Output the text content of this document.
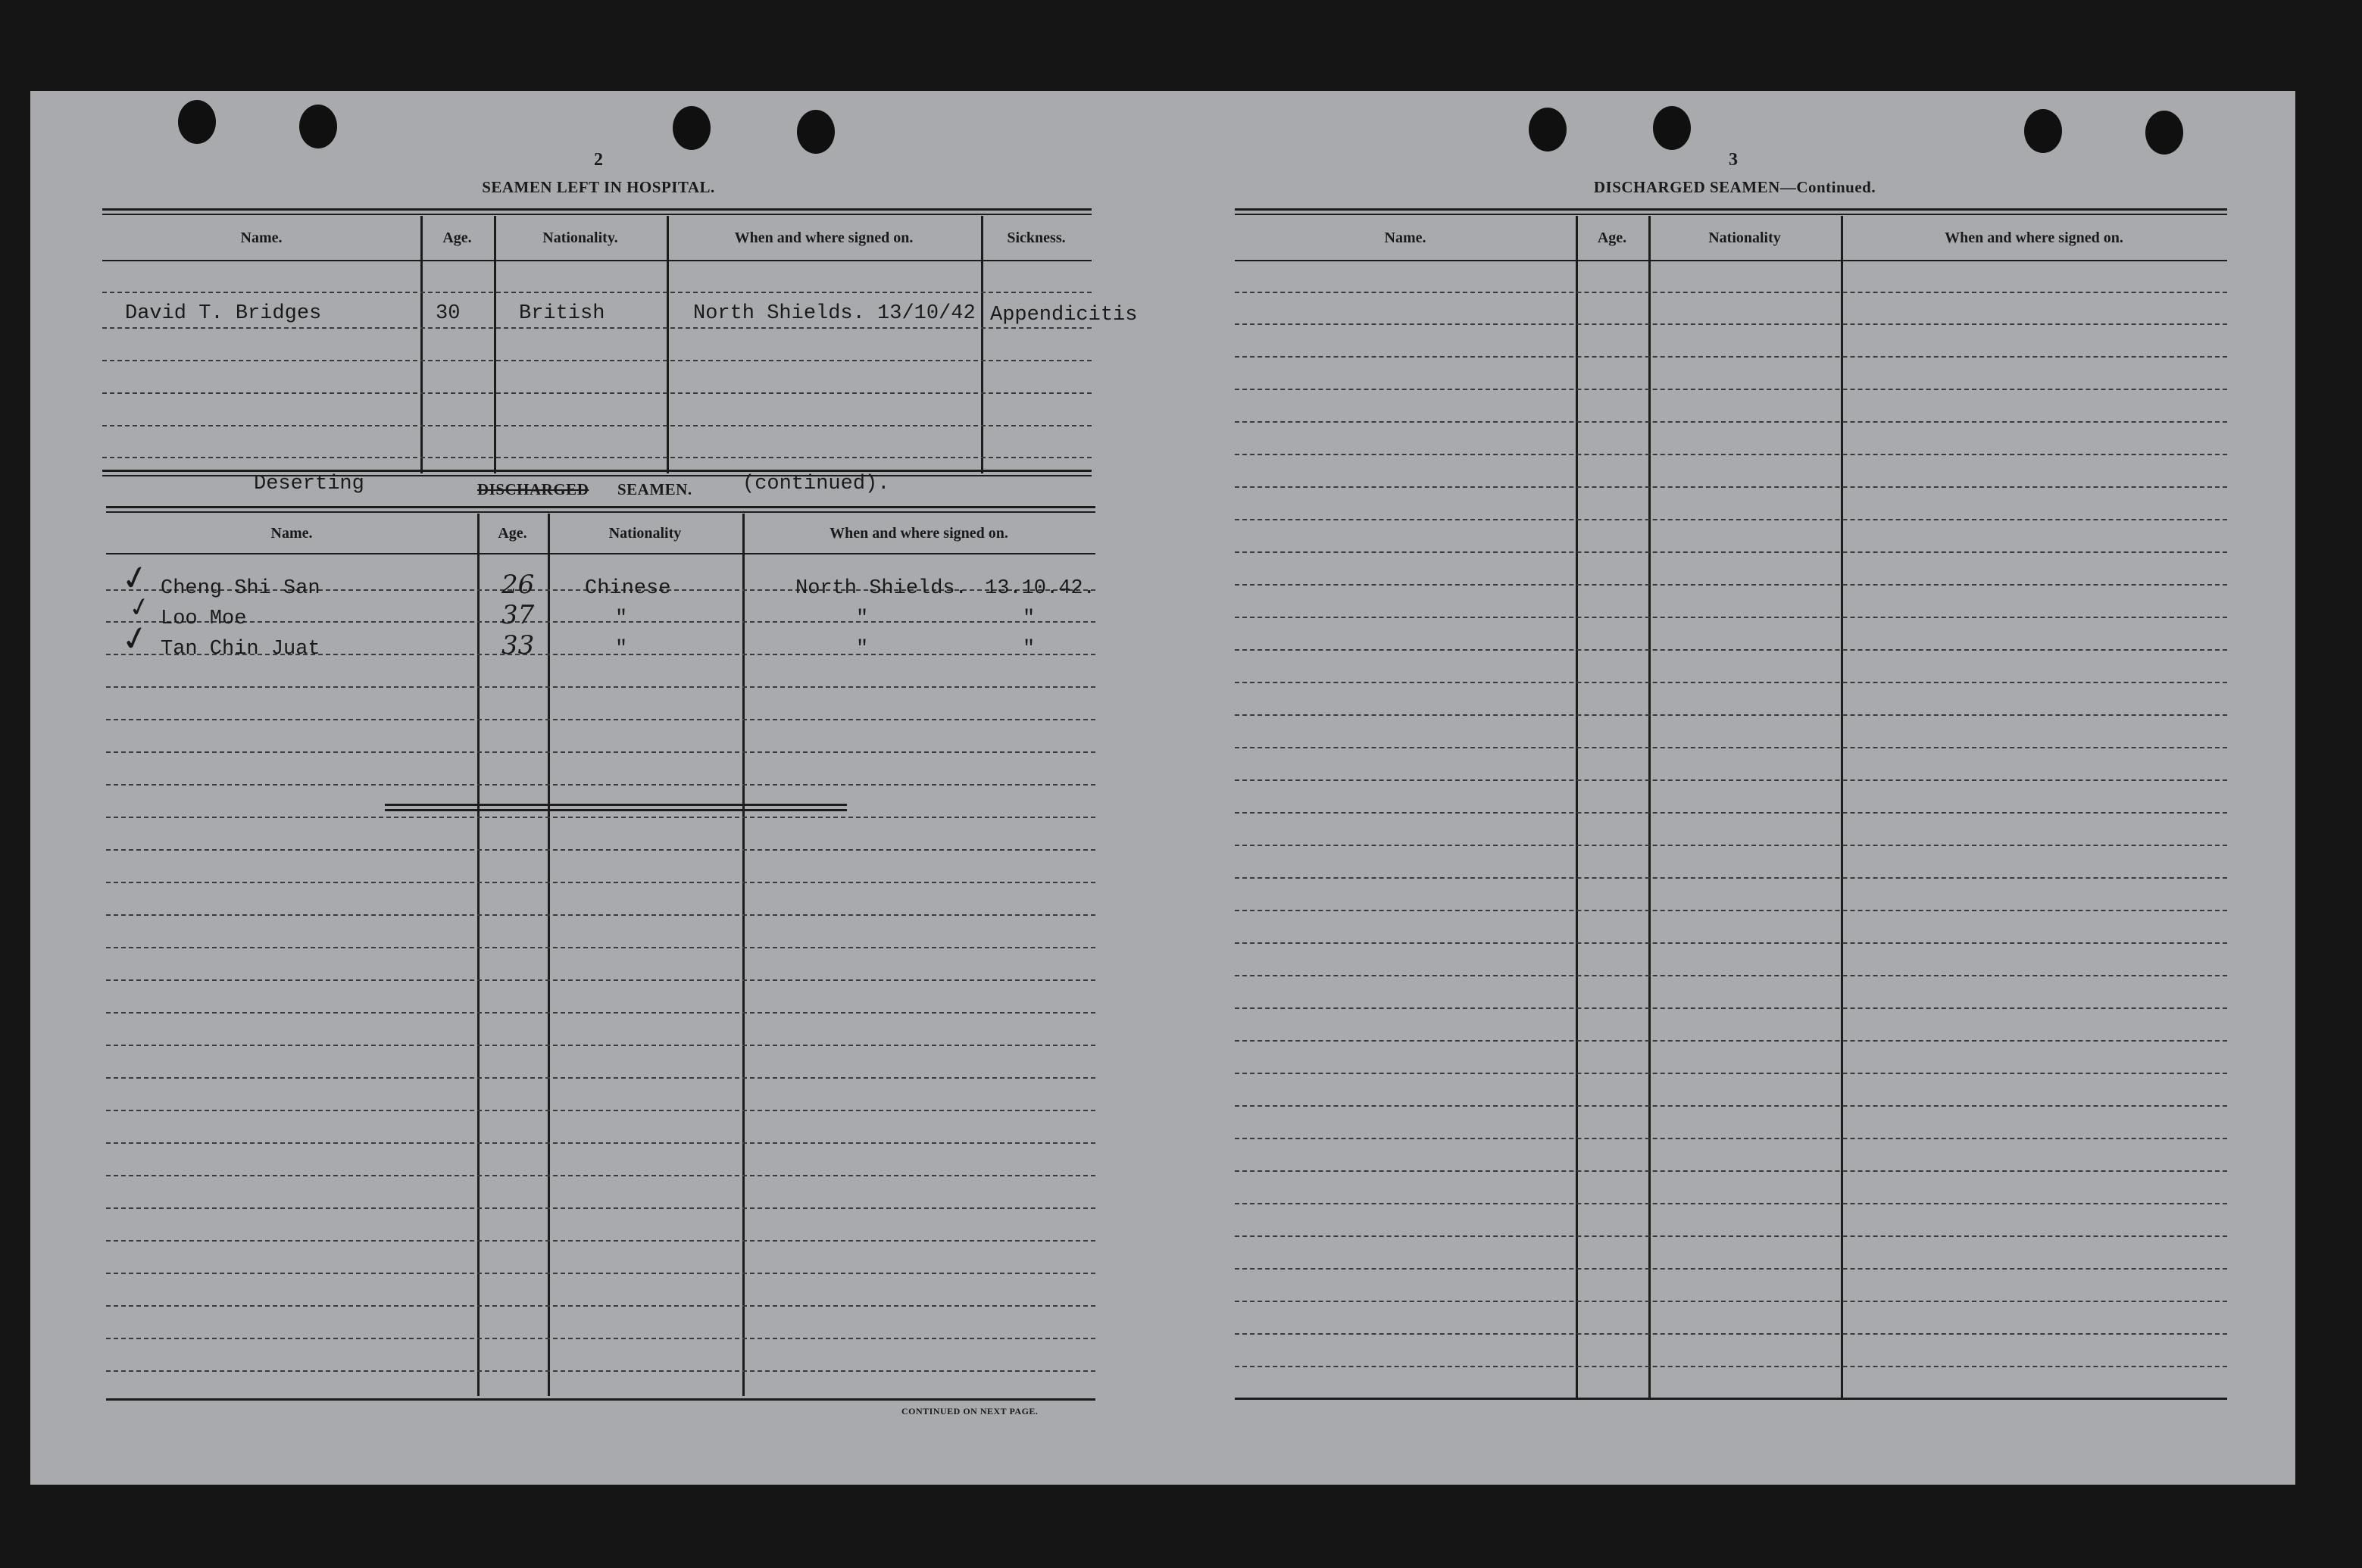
2
SEAMEN LEFT IN HOSPITAL.
Name.	Age.	Nationality.	When and where signed on.	Sickness.
David T. Bridges	30	British	North Shields. 13/10/42 Appendicitis
Deserting	DISCHARGED	SEAMEN.	(continued).
Name.	Age.	Nationality	When and where signed on.
✓ Cheng Shi San	26 Chinese	North Shields. 13.10.42.
✓ Loo Moe	37	"	"	"
✓ Tan Chin Juat	33	"	"	"
CONTINUED ON NEXT PAGE.
3
DISCHARGED SEAMEN—Continued.
Name.	Age.	Nationality	When and where signed on.
